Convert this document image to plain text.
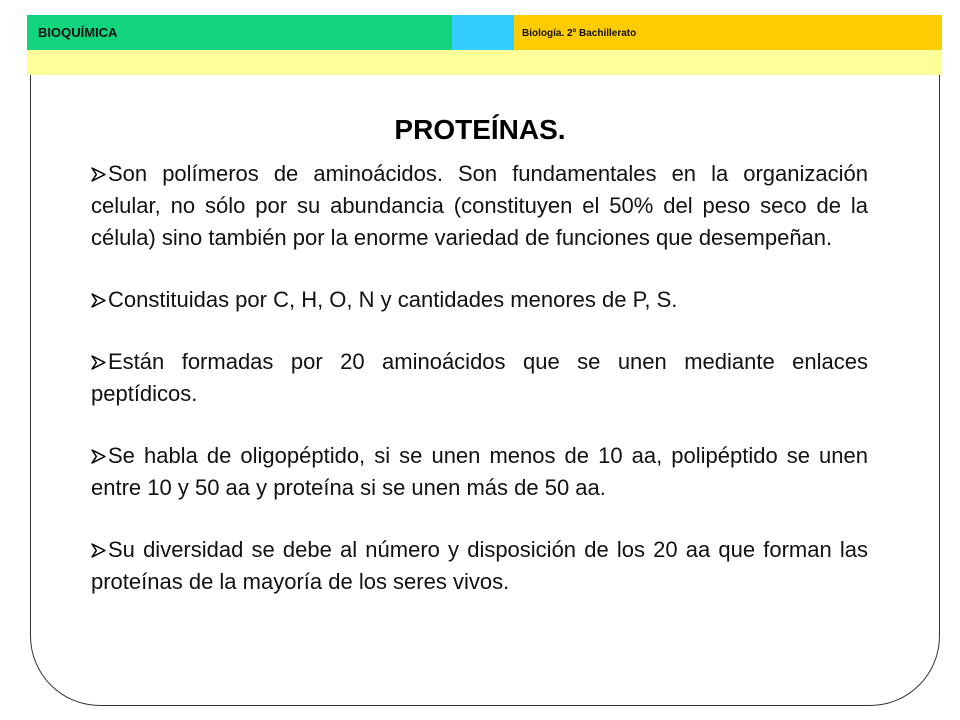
BIOQUÍMICA	Biología. 2º Bachillerato
PROTEÍNAS.

Son polímeros de aminoácidos. Son fundamentales en la organización celular, no sólo por su abundancia (constituyen el 50% del peso seco de la célula) sino también por la enorme variedad de funciones que desempeñan.

Constituidas por C, H, O, N y cantidades menores de P, S.

Están formadas por 20 aminoácidos que se unen mediante enlaces peptídicos.

Se habla de oligopéptido, si se unen menos de 10 aa, polipéptido se unen entre 10 y 50 aa y proteína si se unen más de 50 aa.

Su diversidad se debe al número y disposición de los 20 aa que forman las proteínas de la mayoría de los seres vivos.
